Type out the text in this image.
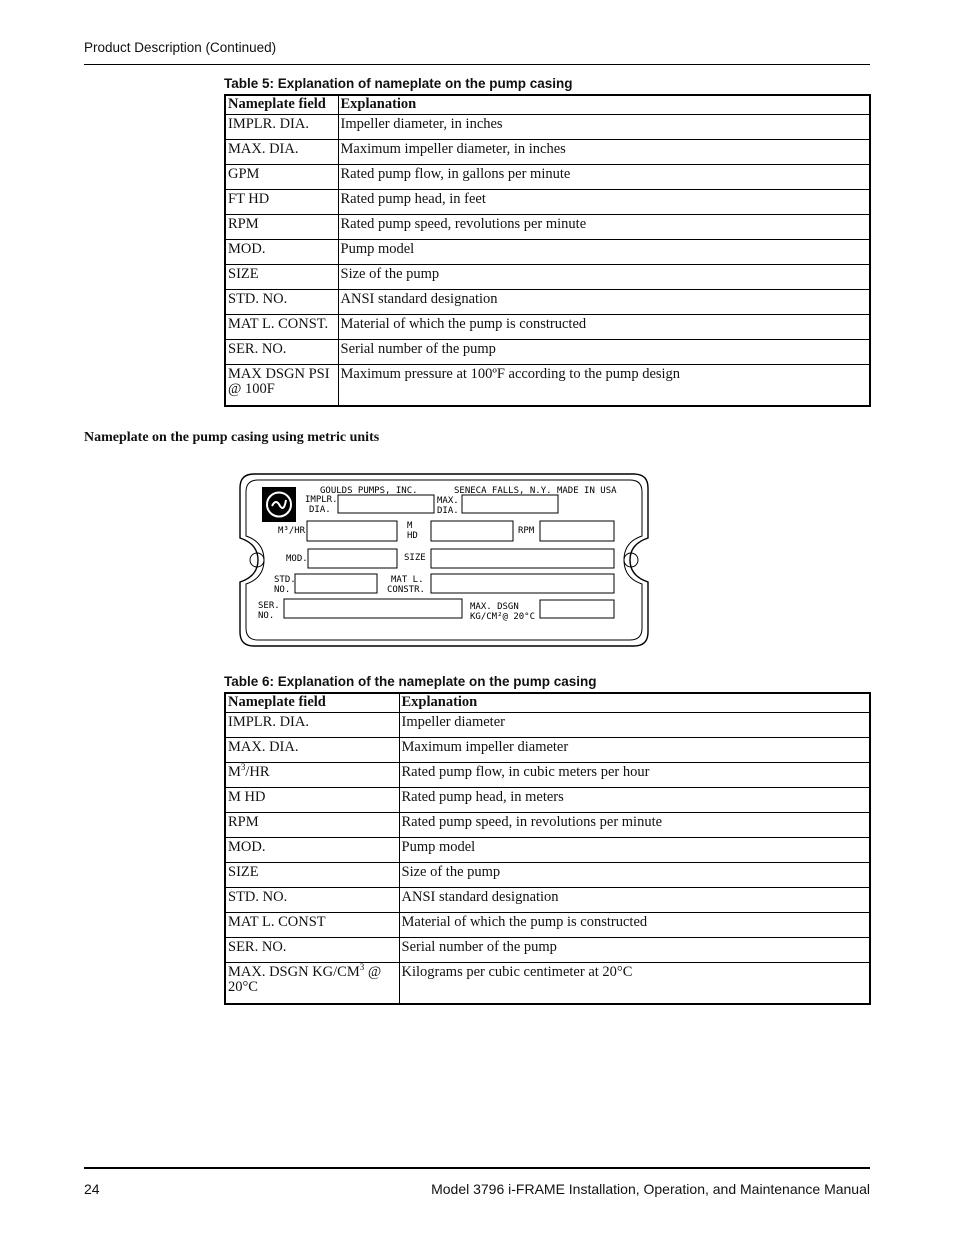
Product Description (Continued)
Table 5: Explanation of nameplate on the pump casing
Nameplate field	Explanation
IMPLR. DIA.	Impeller diameter, in inches
MAX. DIA.	Maximum impeller diameter, in inches
GPM	Rated pump flow, in gallons per minute
FT HD	Rated pump head, in feet
RPM	Rated pump speed, revolutions per minute
MOD.	Pump model
SIZE	Size of the pump
STD. NO.	ANSI standard designation
MAT L. CONST.	Material of which the pump is constructed
SER. NO.	Serial number of the pump
MAX DSGN PSI
@ 100F	Maximum pressure at 100ºF according to the pump design
Nameplate on the pump casing using metric units
GOULDS PUMPS, INC.	SENECA FALLS, N.Y. MADE IN USA
IMPLR.
DIA.
MAX.
DIA.
M³/HR	M
HD	RPM
MOD.	SIZE
STD.
NO.
MAT L.
CONSTR.
SER.
NO.
MAX. DSGN
KG/CM²@ 20°C
Table 6: Explanation of the nameplate on the pump casing
Nameplate field	Explanation
IMPLR. DIA.	Impeller diameter
MAX. DIA.	Maximum impeller diameter
$M^3/HR$	Rated pump flow, in cubic meters per hour
M HD	Rated pump head, in meters
RPM	Rated pump speed, in revolutions per minute
MOD.	Pump model
SIZE	Size of the pump
STD. NO.	ANSI standard designation
MAT L. CONST	Material of which the pump is constructed
SER. NO.	Serial number of the pump
MAX. DSGN $KG/CM^3$ @
20°C	Kilograms per cubic centimeter at 20°C
24	Model 3796 i-FRAME Installation, Operation, and Maintenance Manual
